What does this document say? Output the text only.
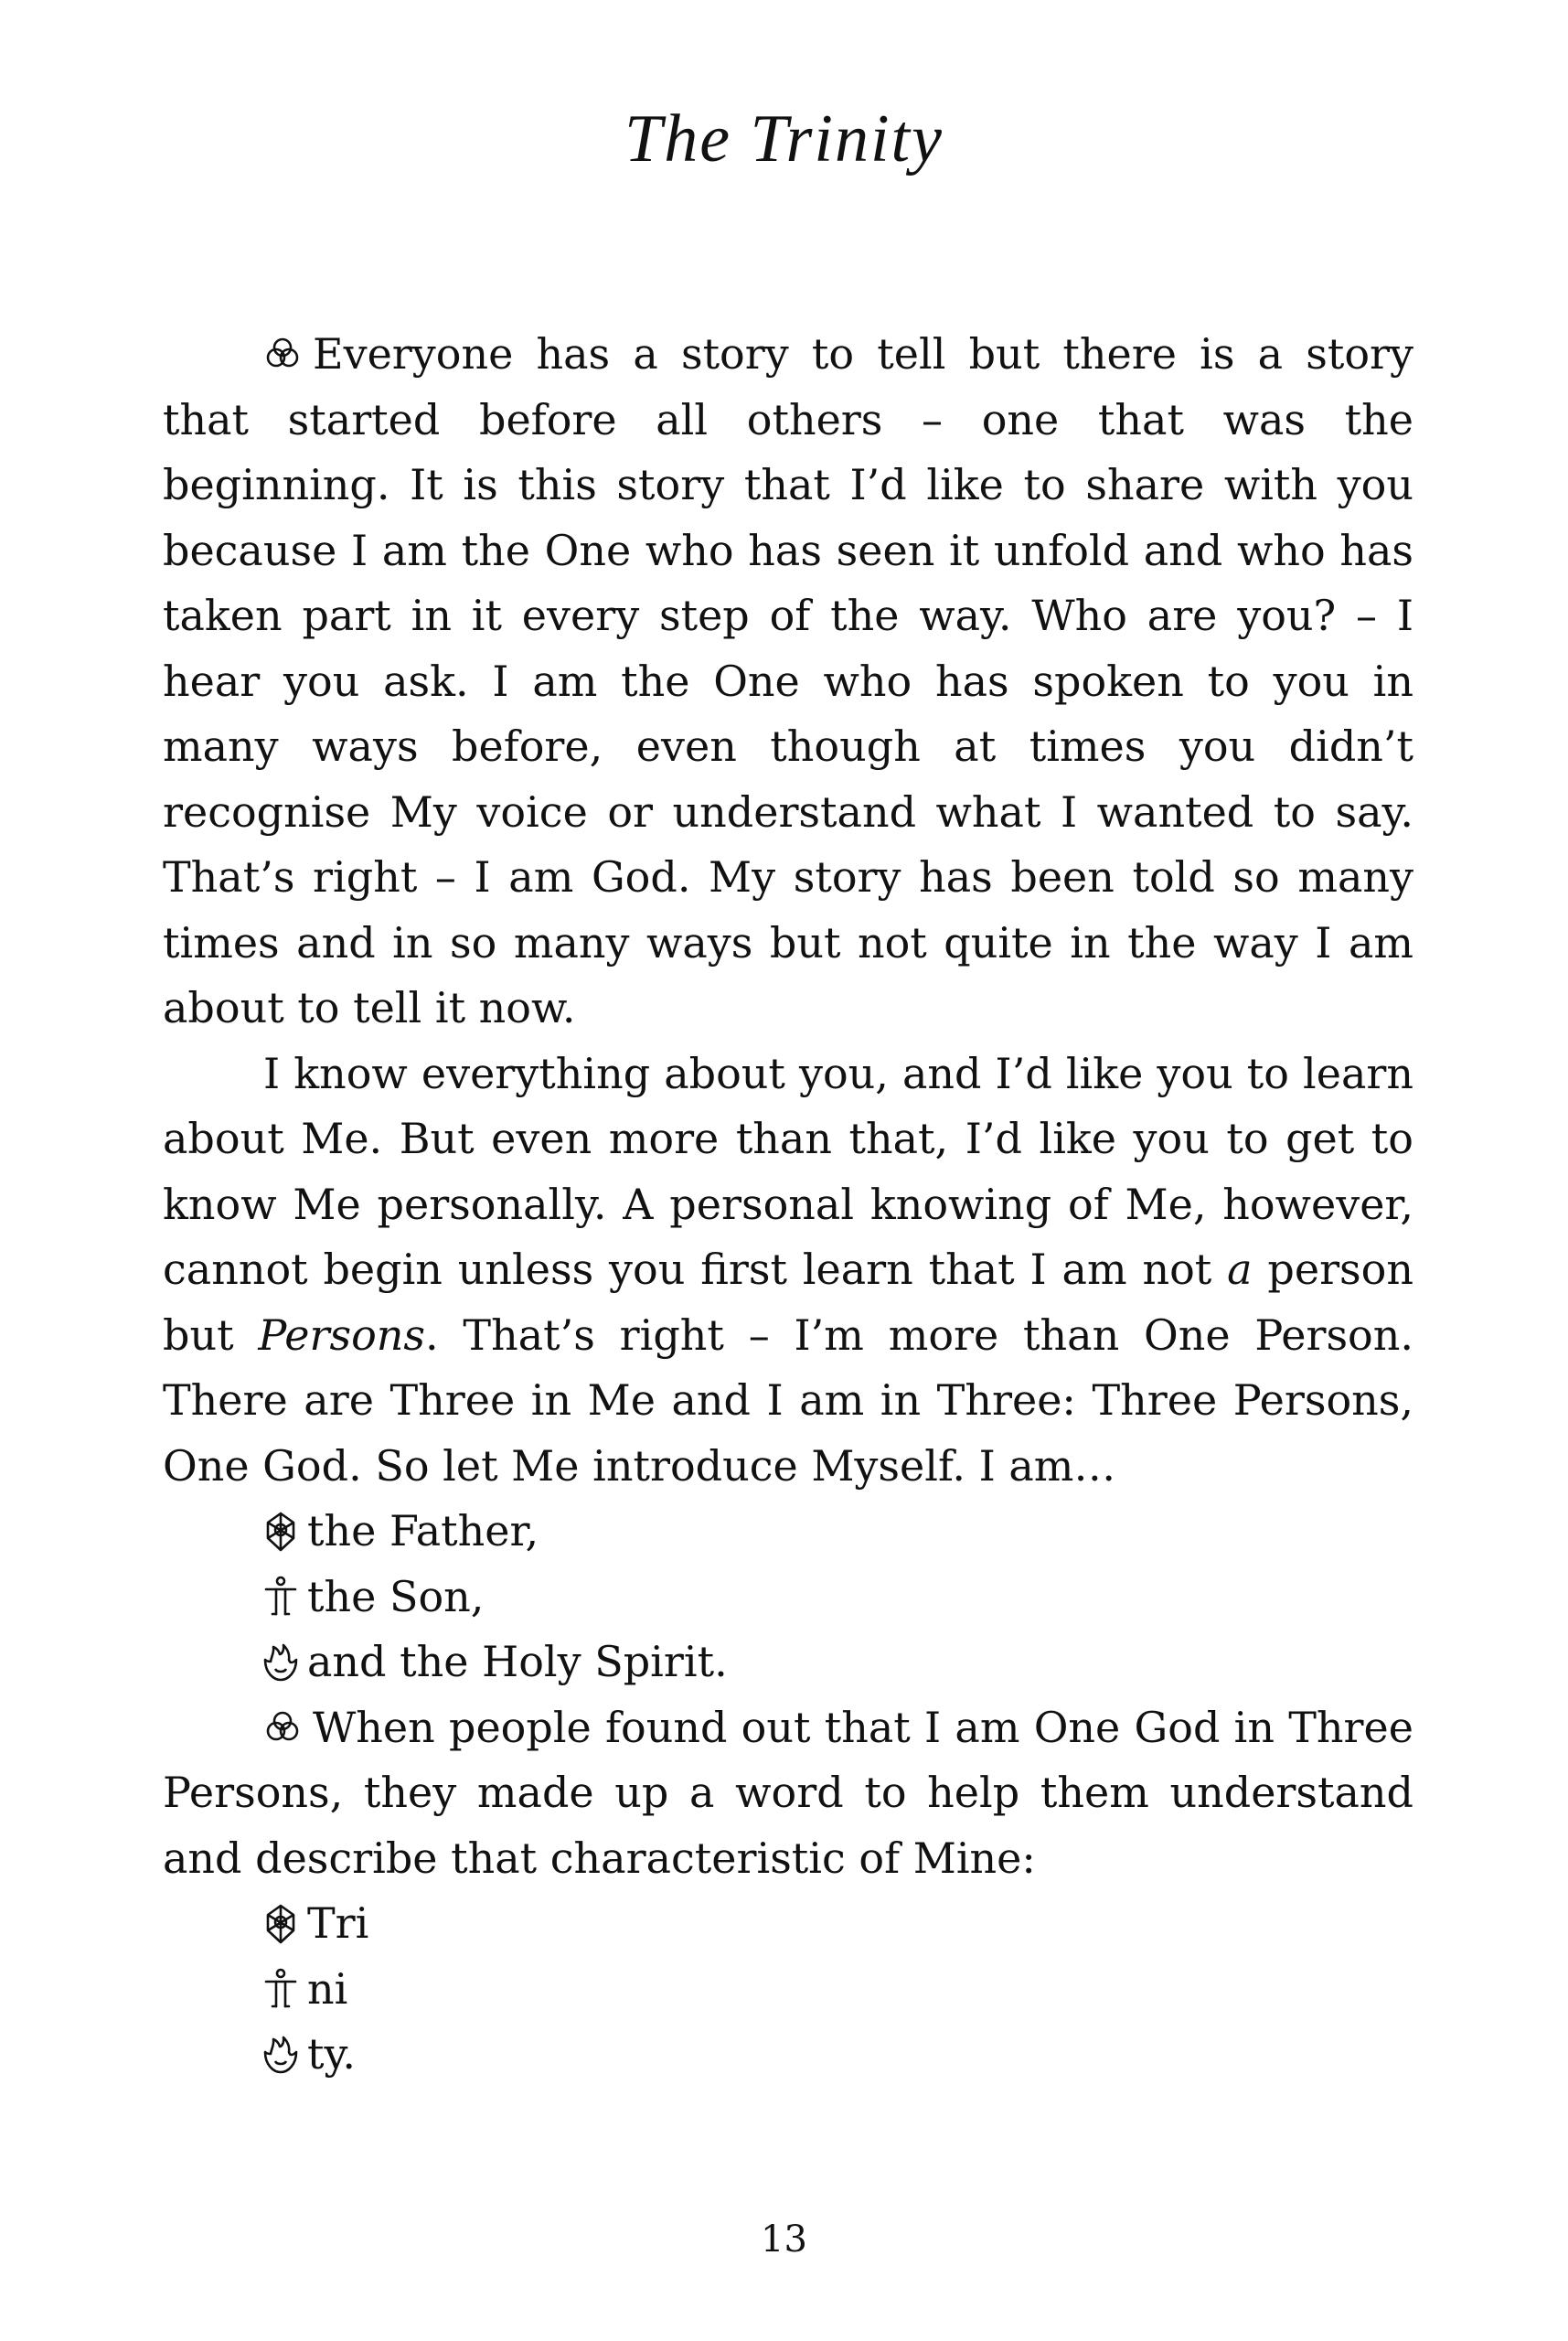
The Trinity

Everyone has a story to tell but there is a story that started before all others – one that was the beginning. It is this story that I’d like to share with you because I am the One who has seen it unfold and who has taken part in it every step of the way. Who are you? – I hear you ask. I am the One who has spoken to you in many ways before, even though at times you didn’t recognise My voice or understand what I wanted to say. That’s right – I am God. My story has been told so many times and in so many ways but not quite in the way I am about to tell it now.

I know everything about you, and I’d like you to learn about Me. But even more than that, I’d like you to get to know Me personally. A personal knowing of Me, however, cannot begin unless you first learn that I am not a person but Persons. That’s right – I’m more than One Person. There are Three in Me and I am in Three: Three Persons, One God. So let Me introduce Myself. I am…

the Father,
the Son,
and the Holy Spirit.

When people found out that I am One God in Three Persons, they made up a word to help them understand and describe that characteristic of Mine:

Tri
ni
ty.
13
